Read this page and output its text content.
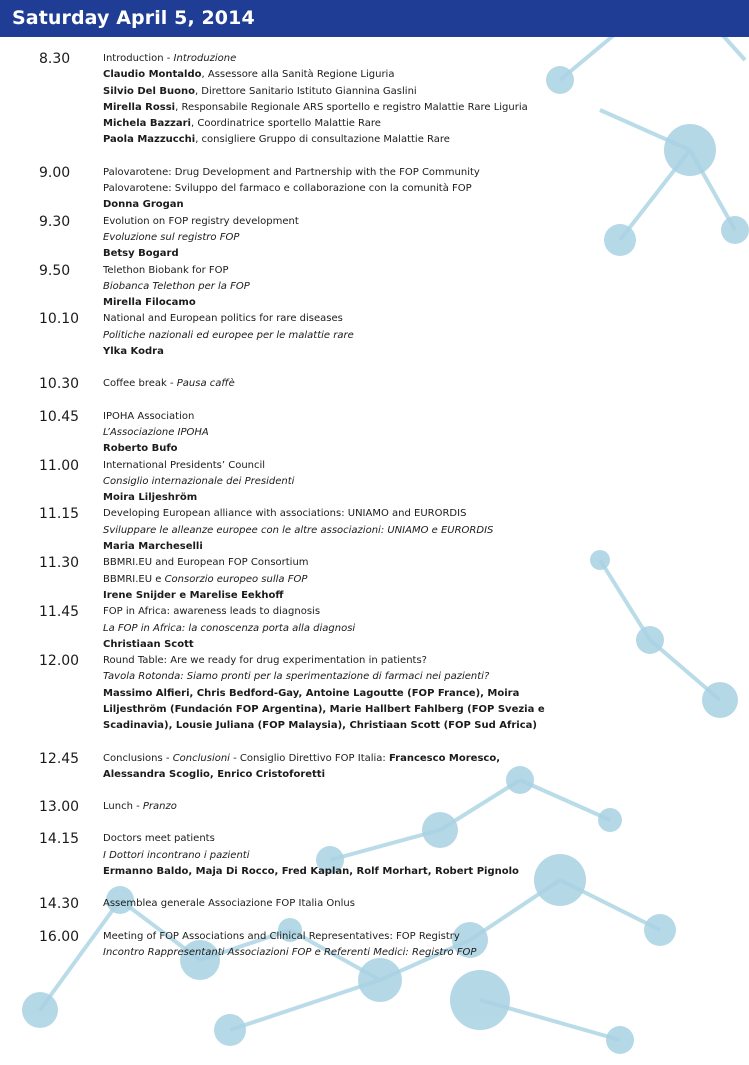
Saturday April 5, 2014
8.30	Introduction - Introduzione
Claudio Montaldo, Assessore alla Sanità Regione Liguria
Silvio Del Buono, Direttore Sanitario Istituto Giannina Gaslini
Mirella Rossi, Responsabile Regionale ARS sportello e registro Malattie Rare Liguria
Michela Bazzari, Coordinatrice sportello Malattie Rare
Paola Mazzucchi, consigliere Gruppo di consultazione Malattie Rare
9.00	Palovarotene: Drug Development and Partnership with the FOP Community
Palovarotene: Sviluppo del farmaco e collaborazione con la comunità FOP
Donna Grogan
9.30	Evolution on FOP registry development
Evoluzione sul registro FOP
Betsy Bogard
9.50	Telethon Biobank for FOP
Biobanca Telethon per la FOP
Mirella Filocamo
10.10	National and European politics for rare diseases
Politiche nazionali ed europee per le malattie rare
Ylka Kodra
10.30	Coffee break - Pausa caffè
10.45	IPOHA Association
L’Associazione IPOHA
Roberto Bufo
11.00	International Presidents’ Council
Consiglio internazionale dei Presidenti
Moira Liljeshröm
11.15	Developing European alliance with associations: UNIAMO and EURORDIS
Sviluppare le alleanze europee con le altre associazioni: UNIAMO e EURORDIS
Maria Marcheselli
11.30	BBMRI.EU and European FOP Consortium
BBMRI.EU e Consorzio europeo sulla FOP
Irene Snijder e Marelise Eekhoff
11.45	FOP in Africa: awareness leads to diagnosis
La FOP in Africa: la conoscenza porta alla diagnosi
Christiaan Scott
12.00	Round Table: Are we ready for drug experimentation in patients?
Tavola Rotonda: Siamo pronti per la sperimentazione di farmaci nei pazienti?
Massimo Alfieri, Chris Bedford-Gay, Antoine Lagoutte (FOP France), Moira
Liljesthröm (Fundación FOP Argentina), Marie Hallbert Fahlberg (FOP Svezia e
Scadinavia), Lousie Juliana (FOP Malaysia), Christiaan Scott (FOP Sud Africa)
12.45	Conclusions - Conclusioni - Consiglio Direttivo FOP Italia: Francesco Moresco,
Alessandra Scoglio, Enrico Cristoforetti
13.00	Lunch - Pranzo
14.15	Doctors meet patients
I Dottori incontrano i pazienti
Ermanno Baldo, Maja Di Rocco, Fred Kaplan, Rolf Morhart, Robert Pignolo
14.30	Assemblea generale Associazione FOP Italia Onlus
16.00	Meeting of FOP Associations and Clinical Representatives: FOP Registry
Incontro Rappresentanti Associazioni FOP e Referenti Medici: Registro FOP
